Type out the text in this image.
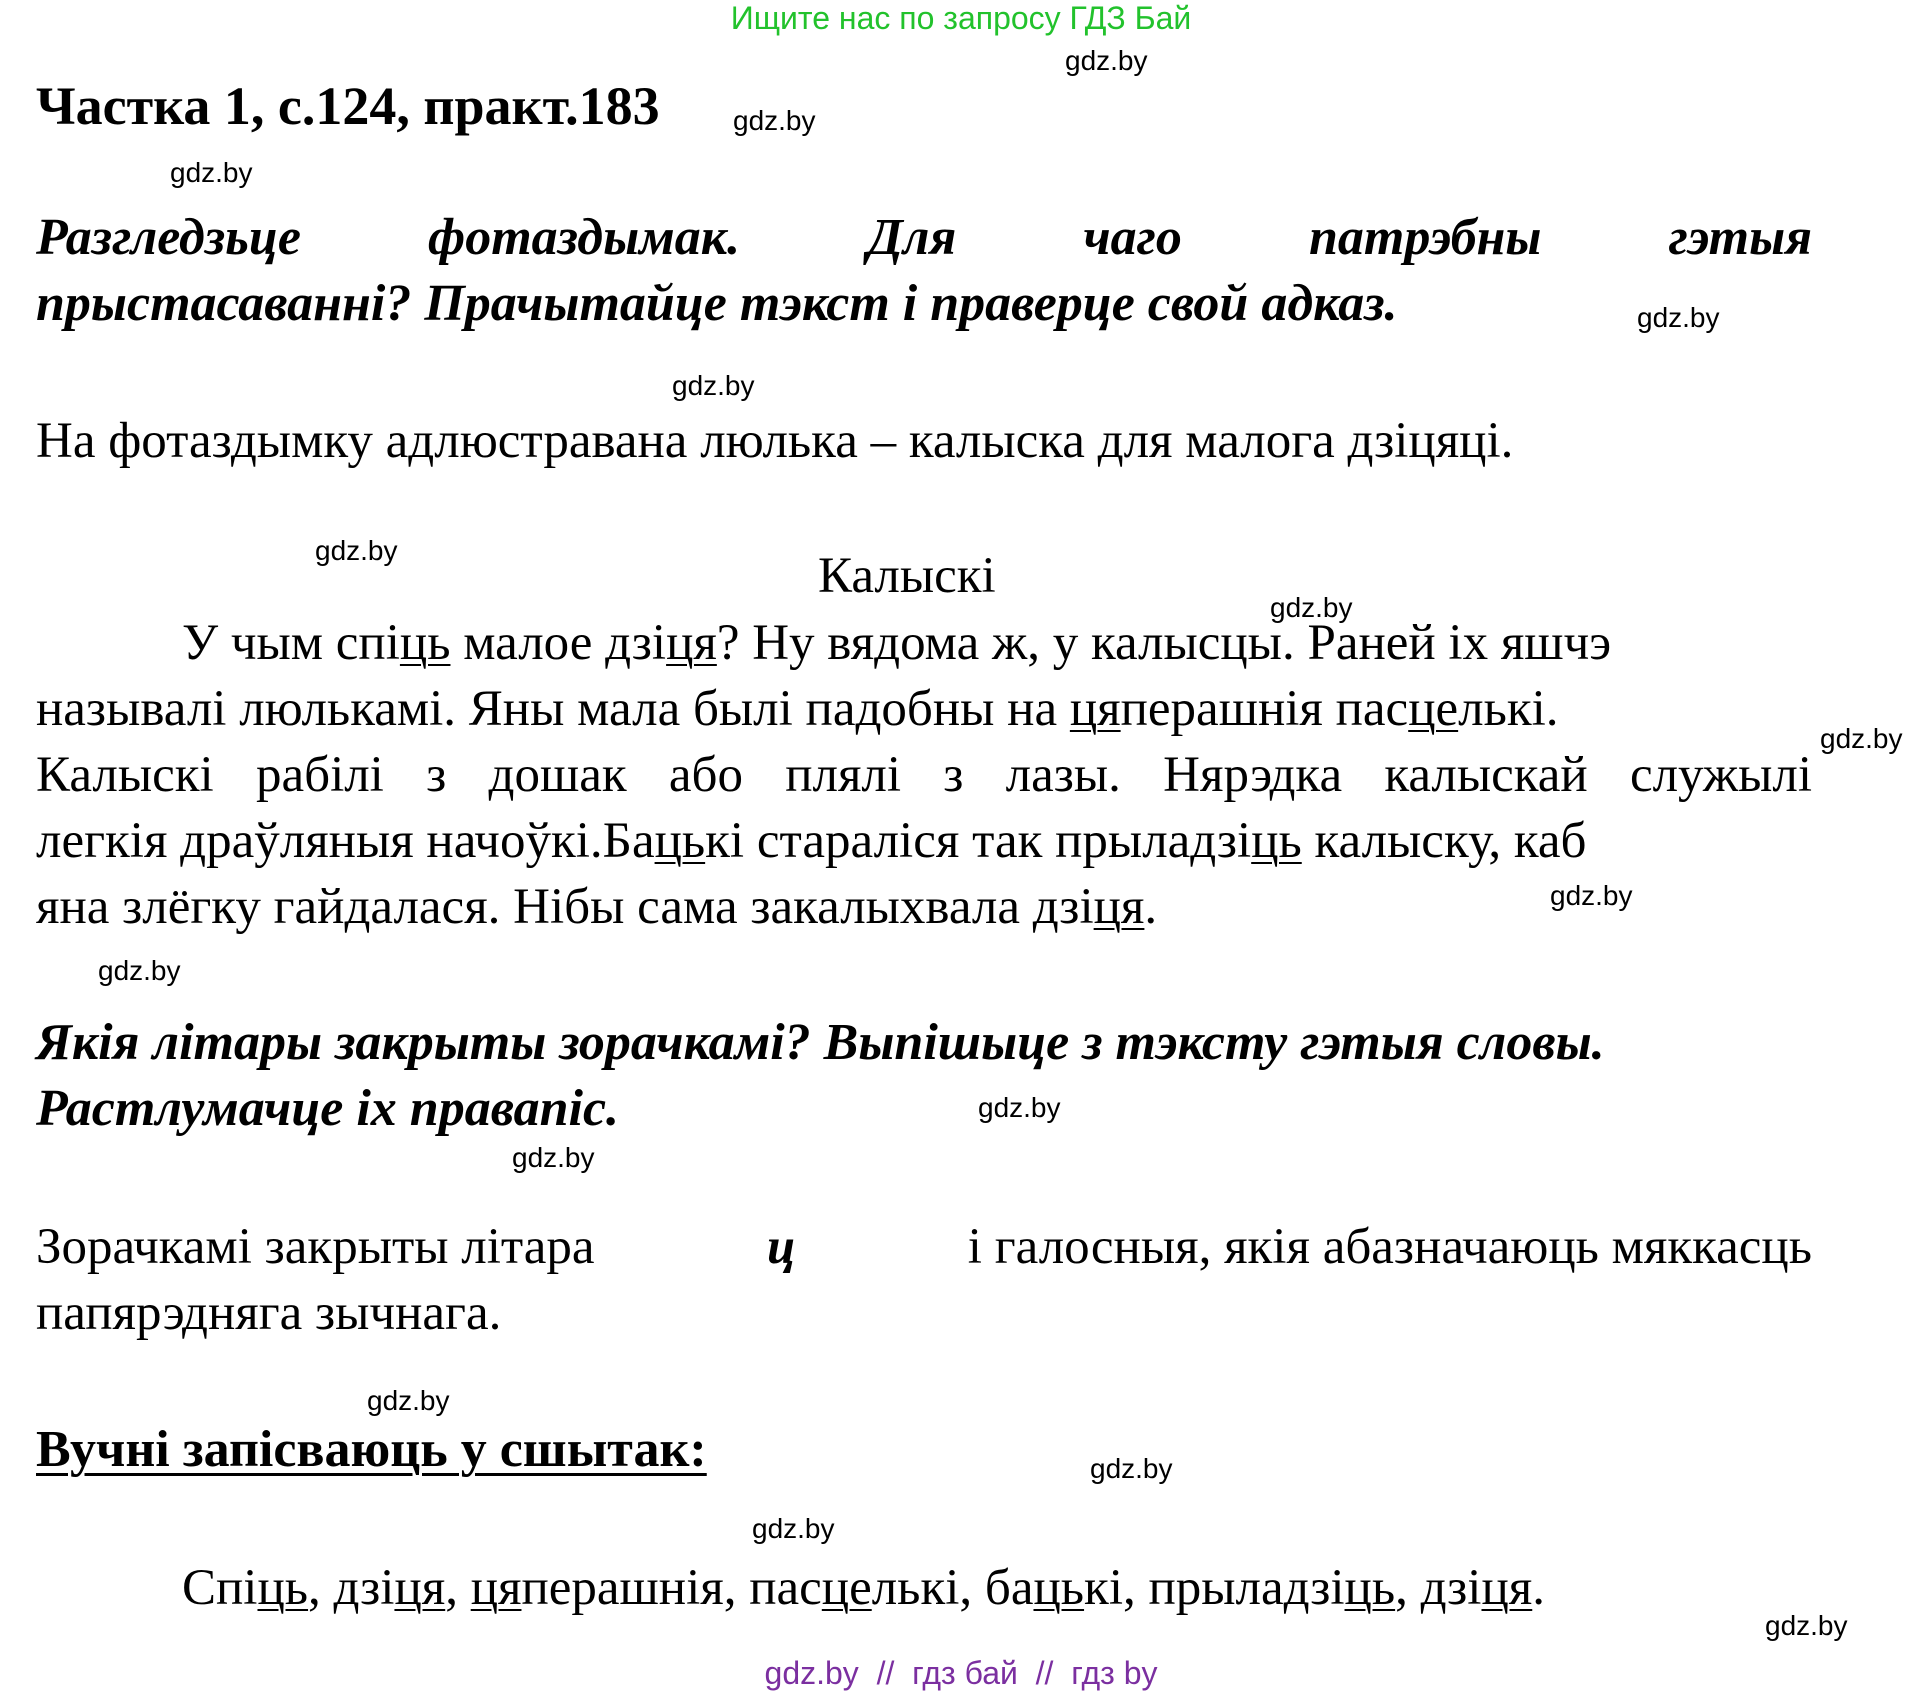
Ищите нас по запросу ГДЗ Бай
Частка 1, с.124, практ.183
Разгледзьце фотаздымак. Для чаго патрэбны гэтыя
прыстасаванні? Прачытайце тэкст і праверце свой адказ.
На фотаздымку адлюстравана люлька – калыска для малога дзіцяці.
Калыскі
У чым спіць малое дзіця? Ну вядома ж, у калысцы. Раней іх яшчэ
называлі люлькамі. Яны мала былі падобны на цяперашнія пасцелькі.
Калыскі рабілі з дошак або плялі з лазы. Нярэдка калыскай служылі
легкія драўляныя начоўкі.Бацькі стараліся так прыладзіць калыску, каб
яна злёгку гайдалася. Нібы сама закалыхвала дзіця.
Якія літары закрыты зорачкамі? Выпішыце з тэксту гэтыя словы.
Растлумачце іх правапіс.
Зорачкамі закрыты літара	ц	і галосныя, якія абазначаюць мяккасць
папярэдняга зычнага.
Вучні запісваюць у сшытак:
Спіць, дзіця, цяперашнія, пасцелькі, бацькі, прыладзіць, дзіця.
gdz.by
gdz.by
gdz.by
gdz.by
gdz.by
gdz.by
gdz.by
gdz.by
gdz.by
gdz.by
gdz.by
gdz.by
gdz.by
gdz.by
gdz.by
gdz.by
gdz.by  //  гдз бай  //  гдз by
